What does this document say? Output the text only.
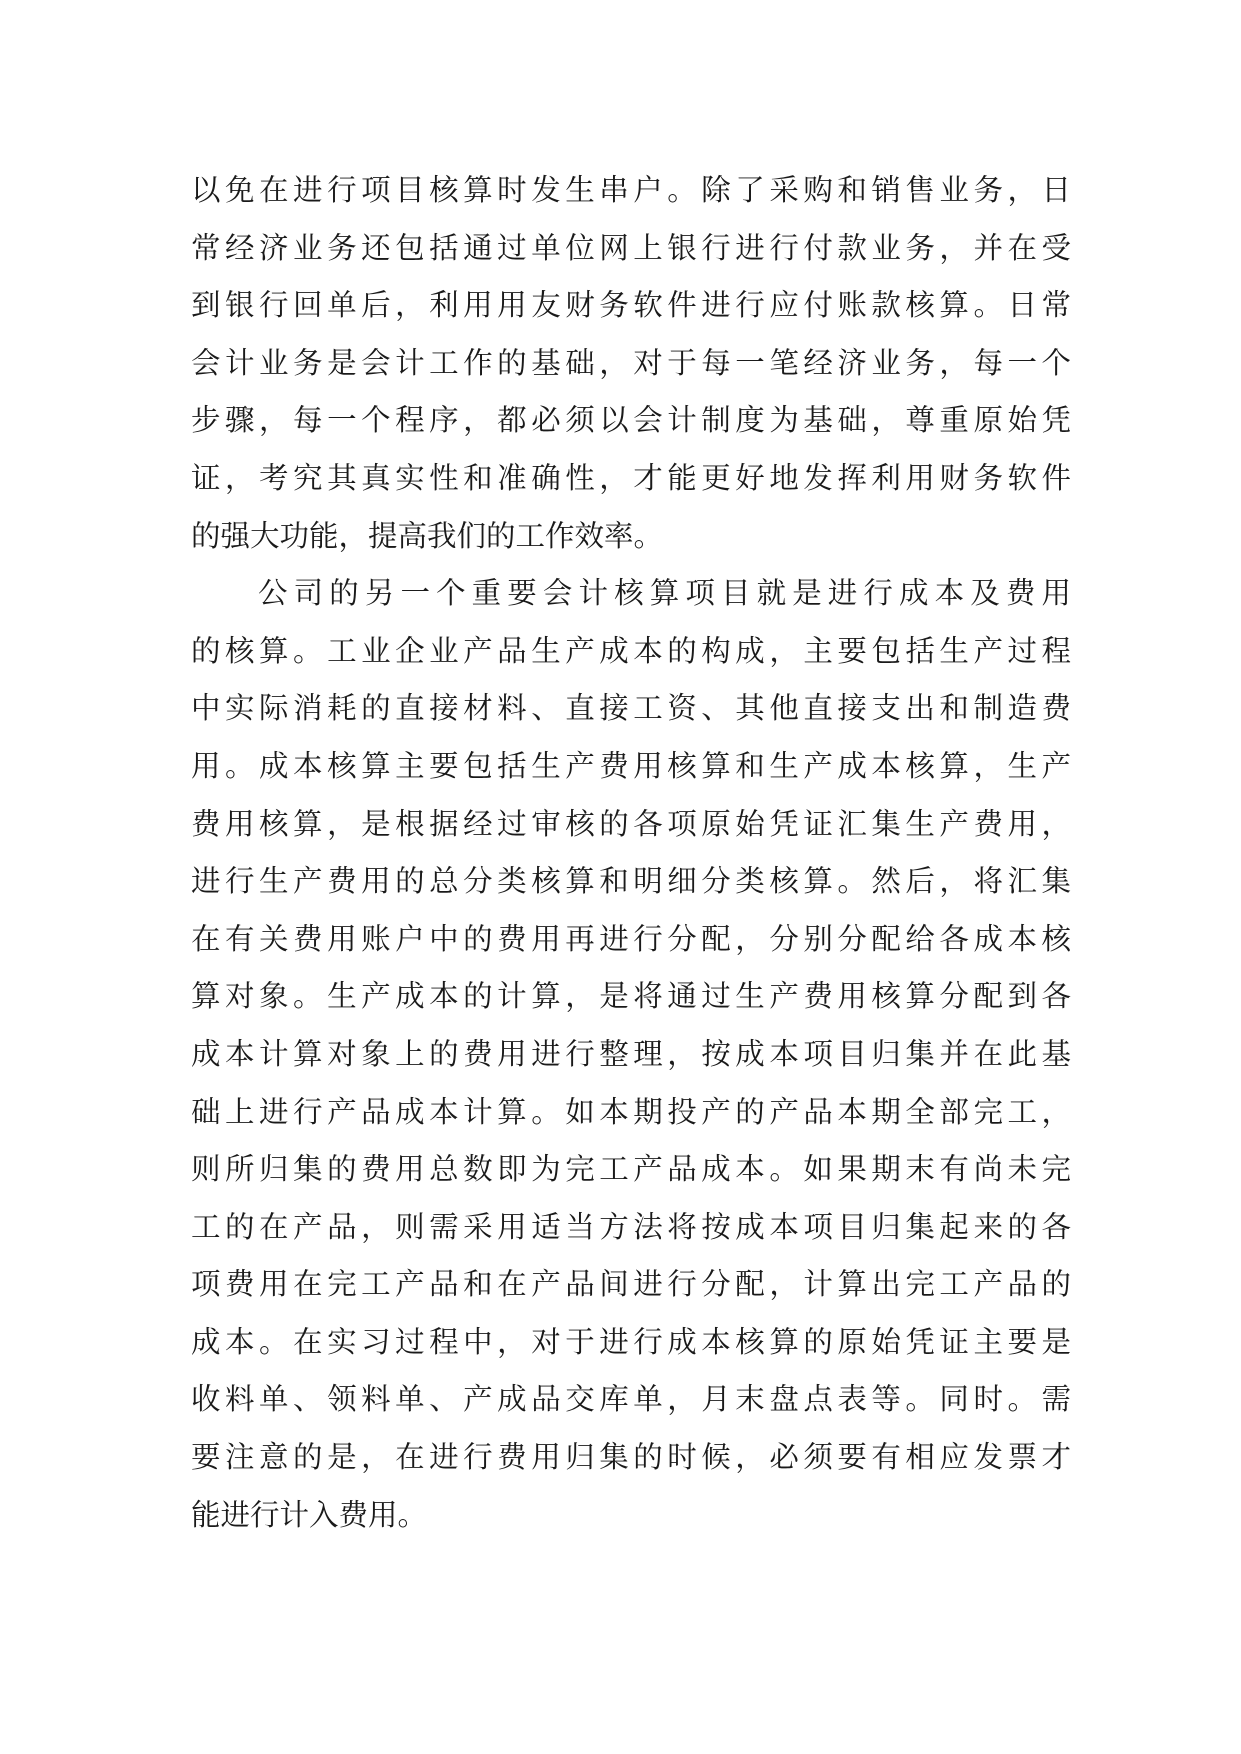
以免在进行项目核算时发生串户。除了采购和销售业务，日
常经济业务还包括通过单位网上银行进行付款业务，并在受
到银行回单后，利用用友财务软件进行应付账款核算。日常
会计业务是会计工作的基础，对于每一笔经济业务，每一个
步骤，每一个程序，都必须以会计制度为基础，尊重原始凭
证，考究其真实性和准确性，才能更好地发挥利用财务软件
的强大功能，提高我们的工作效率。
公司的另一个重要会计核算项目就是进行成本及费用
的核算。工业企业产品生产成本的构成，主要包括生产过程
中实际消耗的直接材料、直接工资、其他直接支出和制造费
用。成本核算主要包括生产费用核算和生产成本核算，生产
费用核算，是根据经过审核的各项原始凭证汇集生产费用，
进行生产费用的总分类核算和明细分类核算。然后，将汇集
在有关费用账户中的费用再进行分配，分别分配给各成本核
算对象。生产成本的计算，是将通过生产费用核算分配到各
成本计算对象上的费用进行整理，按成本项目归集并在此基
础上进行产品成本计算。如本期投产的产品本期全部完工，
则所归集的费用总数即为完工产品成本。如果期末有尚未完
工的在产品，则需采用适当方法将按成本项目归集起来的各
项费用在完工产品和在产品间进行分配，计算出完工产品的
成本。在实习过程中，对于进行成本核算的原始凭证主要是
收料单、领料单、产成品交库单，月末盘点表等。同时。需
要注意的是，在进行费用归集的时候，必须要有相应发票才
能进行计入费用。
